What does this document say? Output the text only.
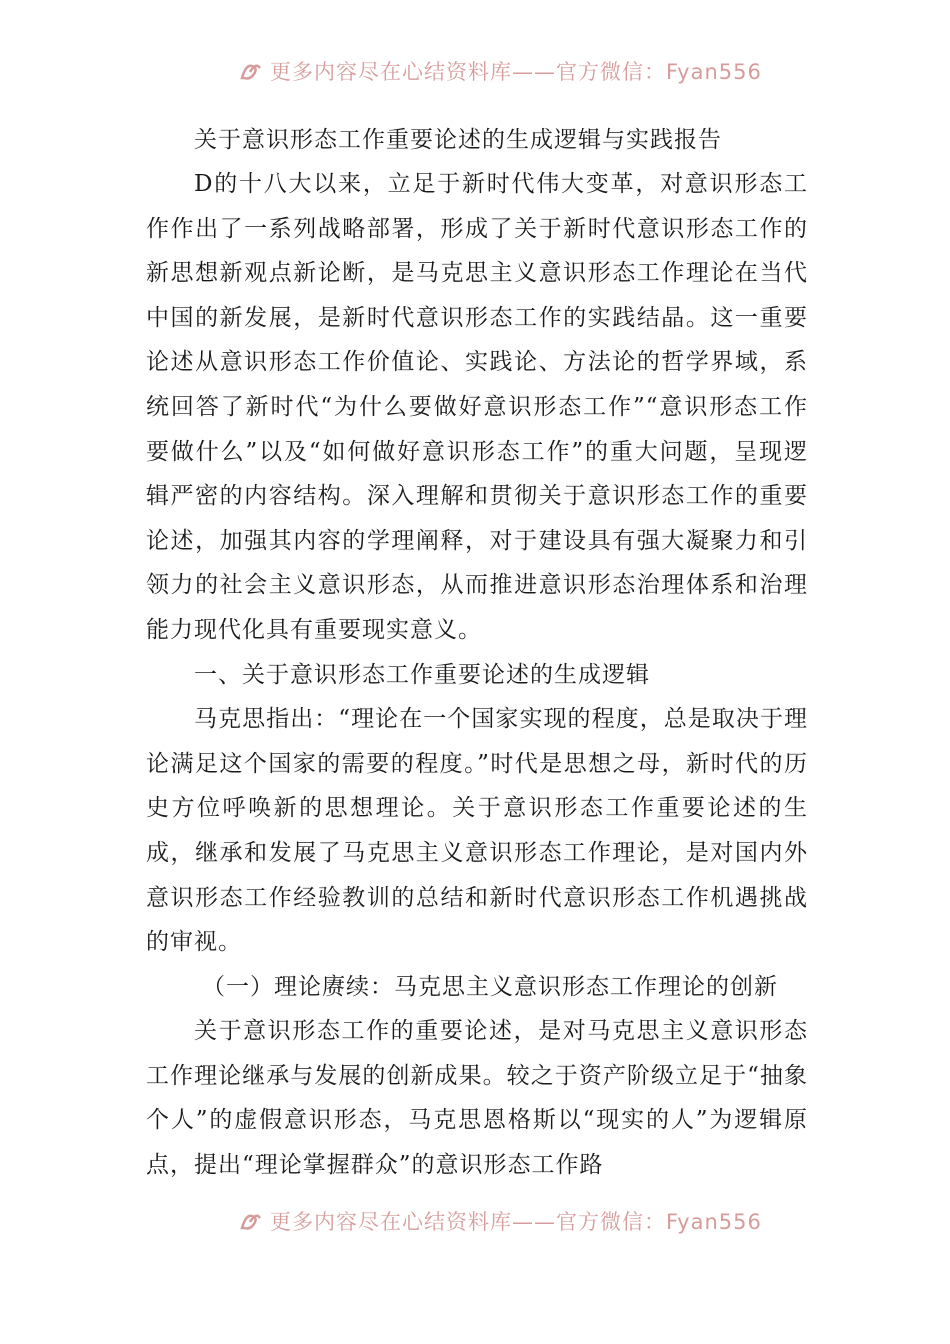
更多内容尽在心结资料库——官方微信：Fyan556
关于意识形态工作重要论述的生成逻辑与实践报告

D的十八大以来，立足于新时代伟大变革，对意识形态工作作出了一系列战略部署，形成了关于新时代意识形态工作的新思想新观点新论断，是马克思主义意识形态工作理论在当代中国的新发展，是新时代意识形态工作的实践结晶。这一重要论述从意识形态工作价值论、实践论、方法论的哲学界域，系统回答了新时代“为什么要做好意识形态工作”“意识形态工作要做什么”以及“如何做好意识形态工作”的重大问题，呈现逻辑严密的内容结构。深入理解和贯彻关于意识形态工作的重要论述，加强其内容的学理阐释，对于建设具有强大凝聚力和引领力的社会主义意识形态，从而推进意识形态治理体系和治理能力现代化具有重要现实意义。

一、关于意识形态工作重要论述的生成逻辑

马克思指出：“理论在一个国家实现的程度，总是取决于理论满足这个国家的需要的程度。”时代是思想之母，新时代的历史方位呼唤新的思想理论。关于意识形态工作重要论述的生成，继承和发展了马克思主义意识形态工作理论，是对国内外意识形态工作经验教训的总结和新时代意识形态工作机遇挑战的审视。

（一）理论赓续：马克思主义意识形态工作理论的创新

关于意识形态工作的重要论述，是对马克思主义意识形态工作理论继承与发展的创新成果。较之于资产阶级立足于“抽象个人”的虚假意识形态，马克思恩格斯以“现实的人”为逻辑原点，提出“理论掌握群众”的意识形态工作路

更多内容尽在心结资料库——官方微信：Fyan556
